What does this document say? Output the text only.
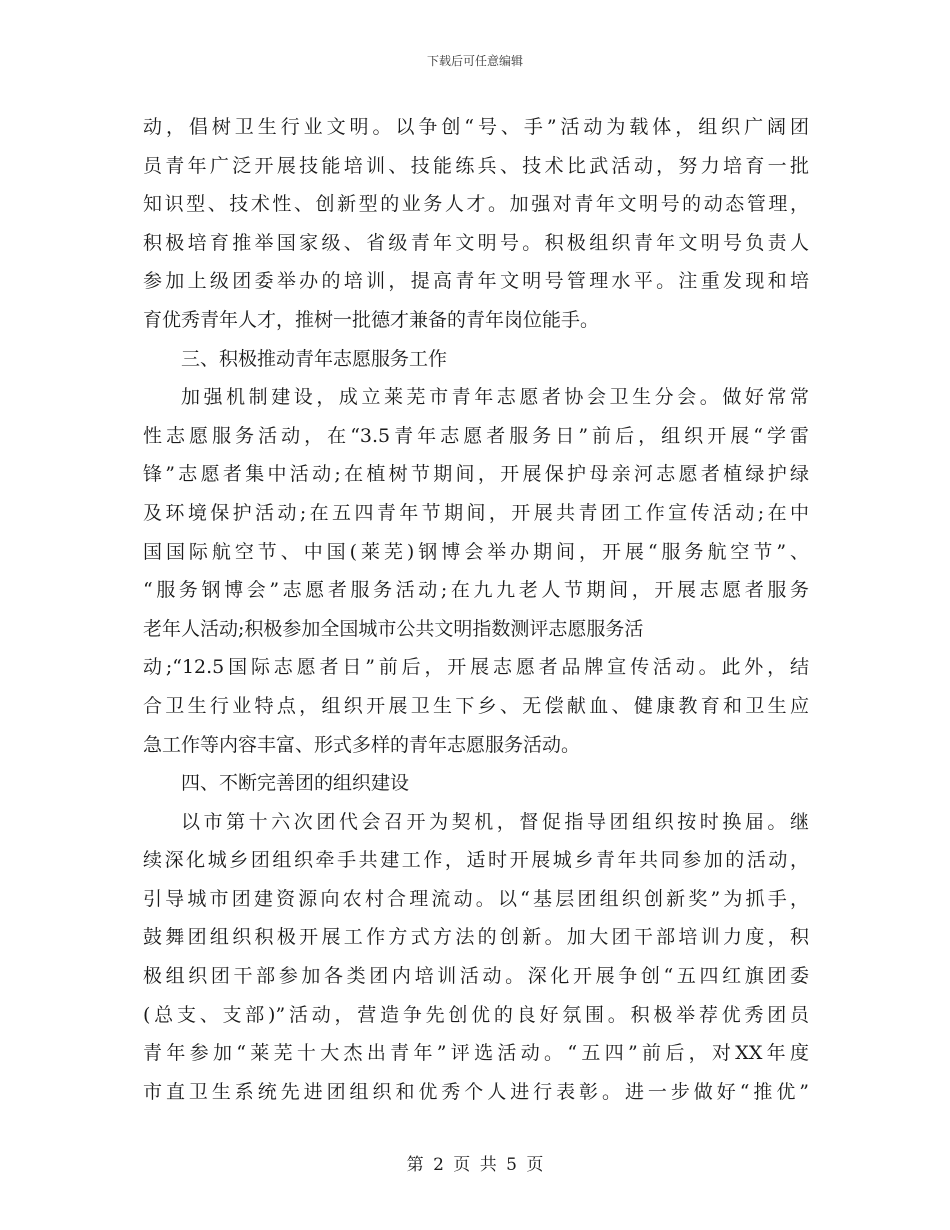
下载后可任意编辑
动，倡树卫生行业文明。以争创“号、手”活动为载体，组织广阔团
员青年广泛开展技能培训、技能练兵、技术比武活动，努力培育一批
知识型、技术性、创新型的业务人才。加强对青年文明号的动态管理，
积极培育推举国家级、省级青年文明号。积极组织青年文明号负责人
参加上级团委举办的培训，提高青年文明号管理水平。注重发现和培
育优秀青年人才，推树一批德才兼备的青年岗位能手。
三、积极推动青年志愿服务工作
加强机制建设，成立莱芜市青年志愿者协会卫生分会。做好常常
性志愿服务活动，在“3.5青年志愿者服务日”前后，组织开展“学雷
锋”志愿者集中活动;在植树节期间，开展保护母亲河志愿者植绿护绿
及环境保护活动;在五四青年节期间，开展共青团工作宣传活动;在中
国国际航空节、中国(莱芜)钢博会举办期间，开展“服务航空节”、
“服务钢博会”志愿者服务活动;在九九老人节期间，开展志愿者服务
老年人活动;积极参加全国城市公共文明指数测评志愿服务活
动;“12.5国际志愿者日”前后，开展志愿者品牌宣传活动。此外，结
合卫生行业特点，组织开展卫生下乡、无偿献血、健康教育和卫生应
急工作等内容丰富、形式多样的青年志愿服务活动。
四、不断完善团的组织建设
以市第十六次团代会召开为契机，督促指导团组织按时换届。继
续深化城乡团组织牵手共建工作，适时开展城乡青年共同参加的活动，
引导城市团建资源向农村合理流动。以“基层团组织创新奖”为抓手，
鼓舞团组织积极开展工作方式方法的创新。加大团干部培训力度，积
极组织团干部参加各类团内培训活动。深化开展争创“五四红旗团委
(总支、支部)”活动，营造争先创优的良好氛围。积极举荐优秀团员
青年参加“莱芜十大杰出青年”评选活动。“五四”前后，对XX年度
市直卫生系统先进团组织和优秀个人进行表彰。进一步做好“推优”
第 2 页 共 5 页
